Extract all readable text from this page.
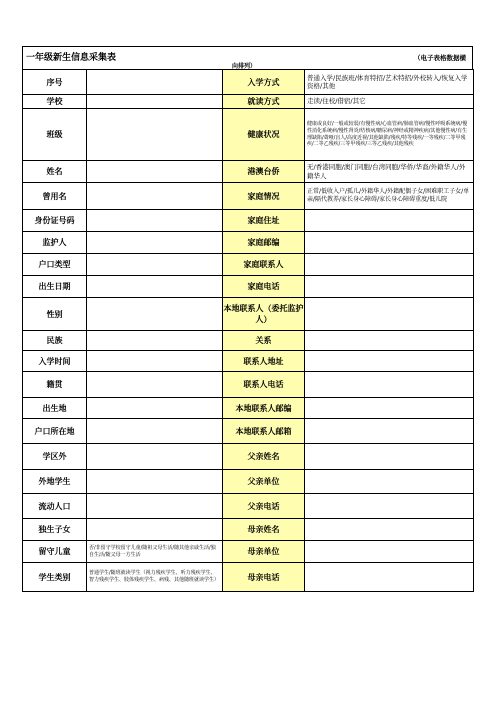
一年级新生信息采集表	（电子表格数据横
向排列）
序号		入学方式	普通入学/民族班/体育特招/艺术特招/外校转入/恢复入学资格/其他
学校		就读方式	走读/住校/借宿/其它
班级		健康状况	健康或良好/一般或较弱/有慢性病/心血管病/肺血管病/慢性呼吸系统病/慢性消化系统病/慢性肾炎/结核病/糖尿病/神经或精神疾病/其他慢性病/有生理缺陷/聋哑/盲人/高度近视/其他缺陷/残疾/特等残疾/一等残疾/二等甲残疾/二等乙残疾/三等甲残疾/三等乙残疾/其他残疾
姓名		港澳台侨	无/香港同胞/澳门同胞/台湾同胞/华侨/华裔/外籍华人/外籍华人
曾用名		家庭情况	正常/低收入户/孤儿/外籍华人/外籍配偶子女/困难职工子女/单亲/隔代教养/家长身心障碍/家长身心障碍重度/低儿院
身份证号码		家庭住址	
监护人		家庭邮编	
户口类型		家庭联系人	
出生日期		家庭电话	
性别		本地联系人（委托监护人）	
民族		关系	
入学时间		联系人地址	
籍贯		联系人电话	
出生地		本地联系人邮编	
户口所在地		本地联系人邮箱	
学区外		父亲姓名	
外地学生		父亲单位	
流动人口		父亲电话	
独生子女		母亲姓名	
留守儿童	否/非留守学校留守儿童/随祖父母生活/随其他亲戚生活/独自生活/随父母一方生活	母亲单位	
学生类别	普通学生/随班就读学生（视力残疾学生、听力残疾学生、智力残疾学生、肢体残疾学生、病残、其他随班就读学生）	母亲电话	
